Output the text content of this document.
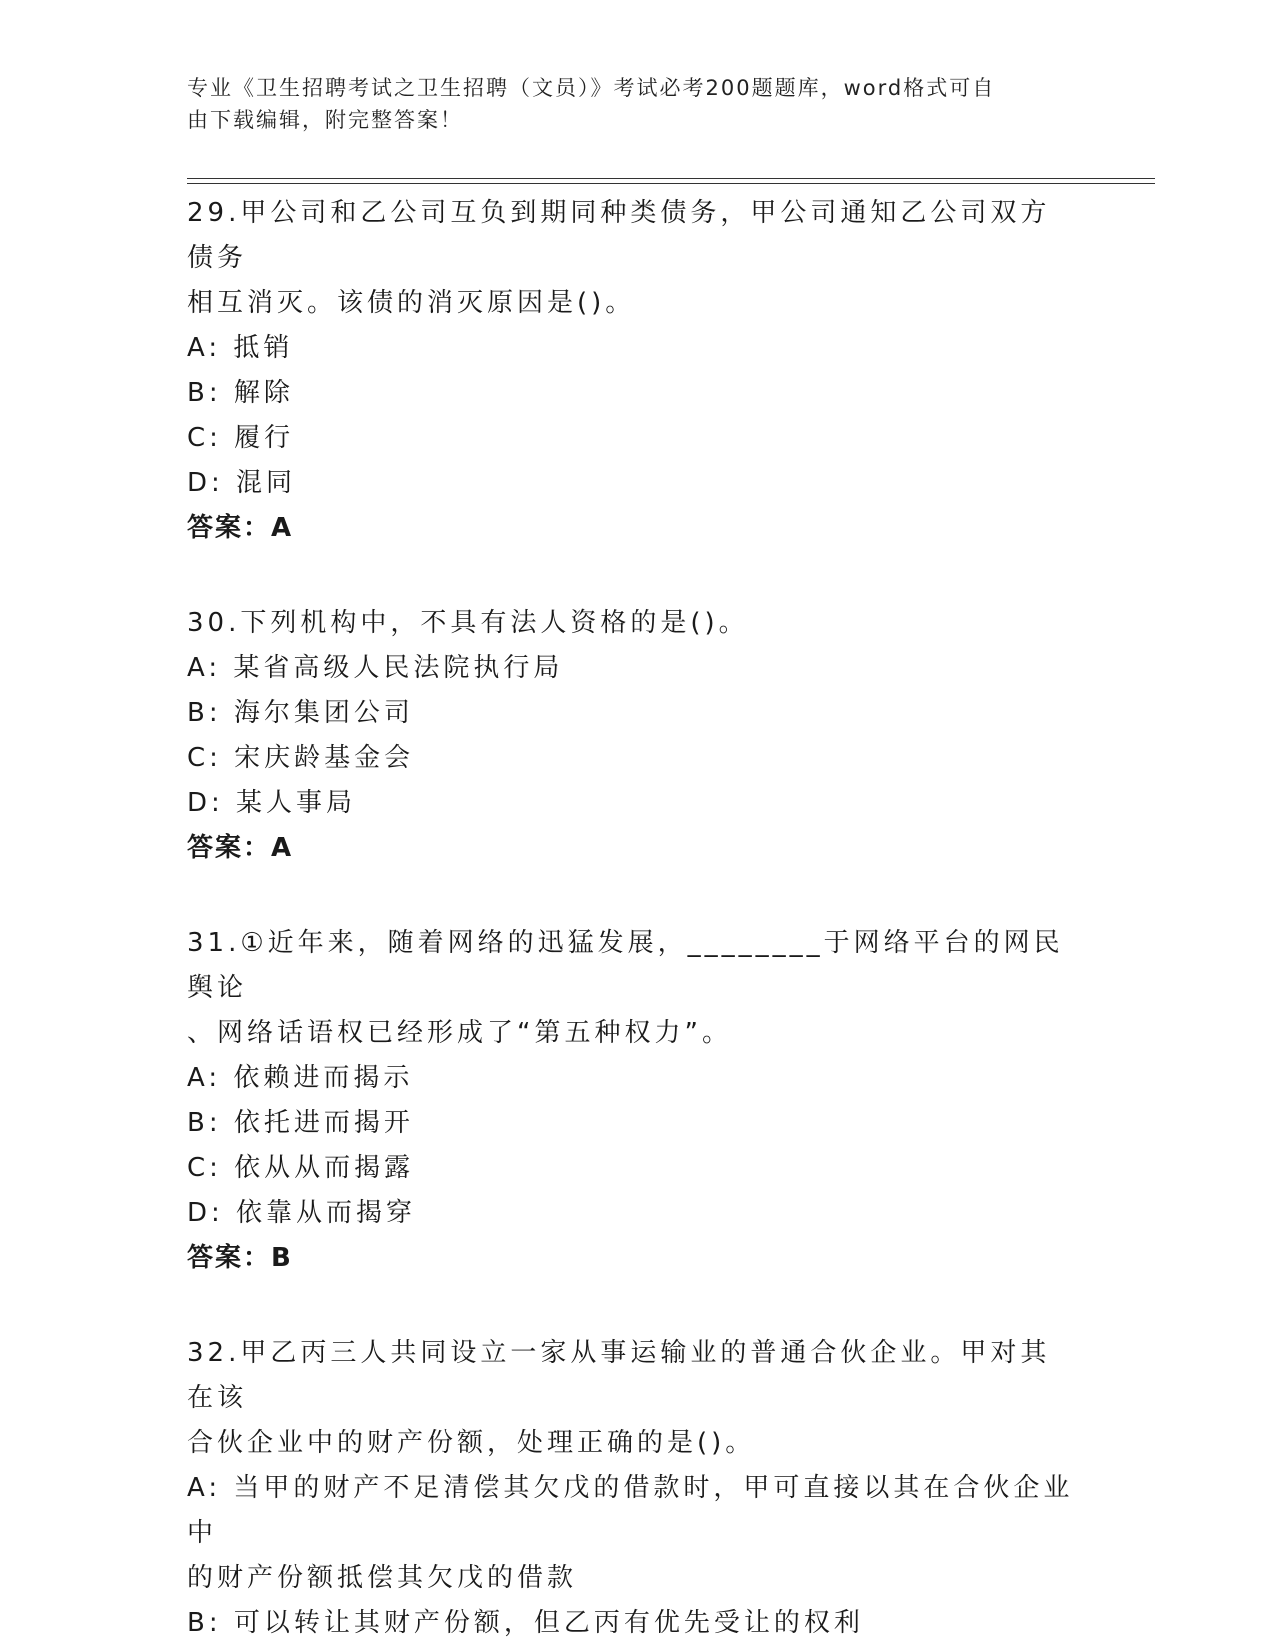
专业《卫生招聘考试之卫生招聘（文员）》考试必考200题题库，word格式可自
由下载编辑，附完整答案！
29.甲公司和乙公司互负到期同种类债务，甲公司通知乙公司双方债务
相互消灭。该债的消灭原因是()。
A: 抵销
B: 解除
C: 履行
D: 混同
答案：A
30.下列机构中，不具有法人资格的是()。
A: 某省高级人民法院执行局
B: 海尔集团公司
C: 宋庆龄基金会
D: 某人事局
答案：A
31.①近年来，随着网络的迅猛发展，________于网络平台的网民舆论
、网络话语权已经形成了“第五种权力”。
A: 依赖进而揭示
B: 依托进而揭开
C: 依从从而揭露
D: 依靠从而揭穿
答案：B
32.甲乙丙三人共同设立一家从事运输业的普通合伙企业。甲对其在该
合伙企业中的财产份额，处理正确的是()。
A: 当甲的财产不足清偿其欠戊的借款时，甲可直接以其在合伙企业中
的财产份额抵偿其欠戊的借款
B: 可以转让其财产份额，但乙丙有优先受让的权利
